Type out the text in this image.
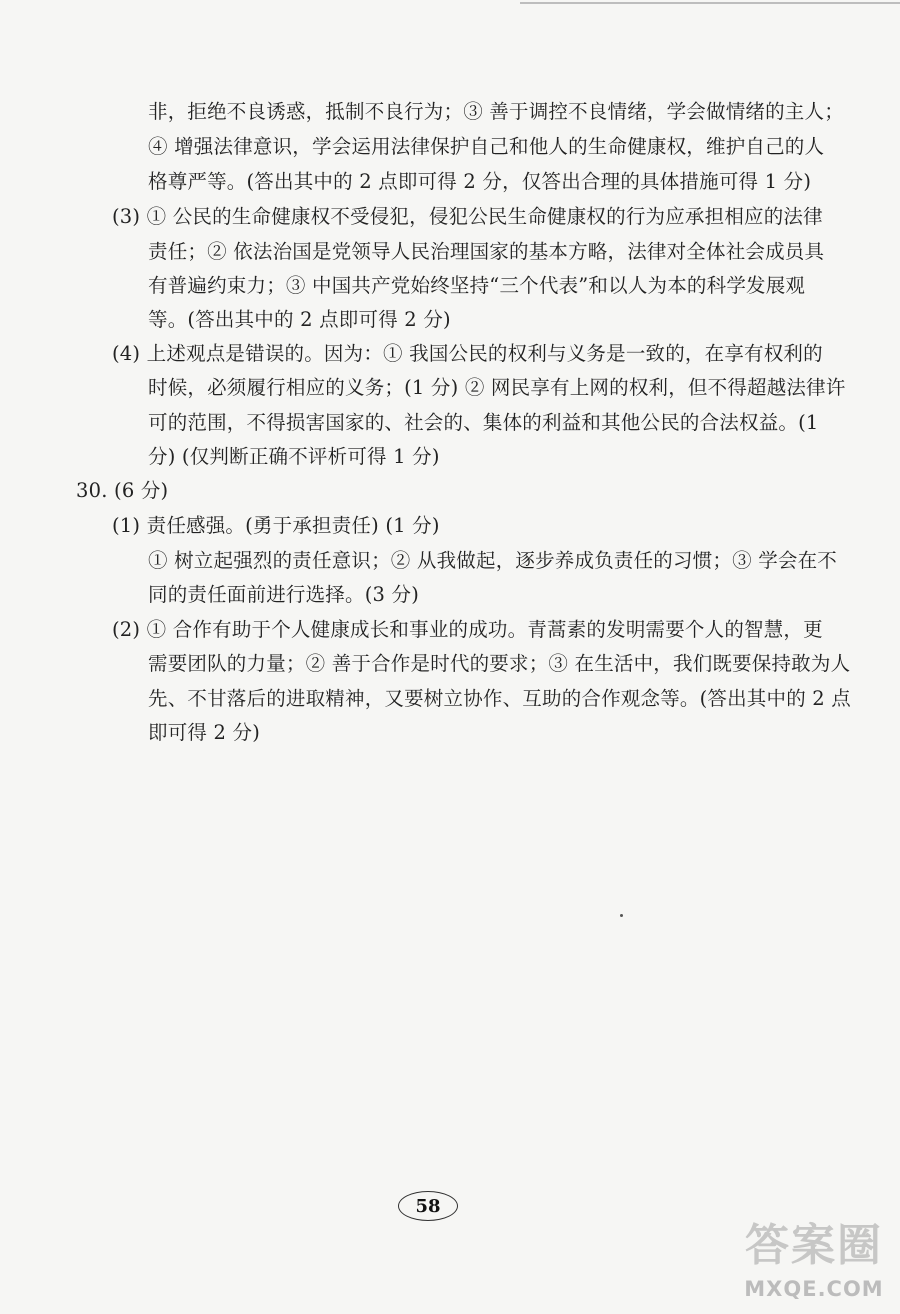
非，拒绝不良诱惑，抵制不良行为；③ 善于调控不良情绪，学会做情绪的主人；
④ 增强法律意识，学会运用法律保护自己和他人的生命健康权，维护自己的人
格尊严等。(答出其中的 2 点即可得 2 分，仅答出合理的具体措施可得 1 分)
(3) ① 公民的生命健康权不受侵犯，侵犯公民生命健康权的行为应承担相应的法律
责任；② 依法治国是党领导人民治理国家的基本方略，法律对全体社会成员具
有普遍约束力；③ 中国共产党始终坚持“三个代表”和以人为本的科学发展观
等。(答出其中的 2 点即可得 2 分)
(4) 上述观点是错误的。因为：① 我国公民的权利与义务是一致的，在享有权利的
时候，必须履行相应的义务；(1 分) ② 网民享有上网的权利，但不得超越法律许
可的范围，不得损害国家的、社会的、集体的利益和其他公民的合法权益。(1
分) (仅判断正确不评析可得 1 分)
30. (6 分)
(1) 责任感强。(勇于承担责任) (1 分)
① 树立起强烈的责任意识；② 从我做起，逐步养成负责任的习惯；③ 学会在不
同的责任面前进行选择。(3 分)
(2) ① 合作有助于个人健康成长和事业的成功。青蒿素的发明需要个人的智慧，更
需要团队的力量；② 善于合作是时代的要求；③ 在生活中，我们既要保持敢为人
先、不甘落后的进取精神，又要树立协作、互助的合作观念等。(答出其中的 2 点
即可得 2 分)
58
答案圈
MXQE.COM
